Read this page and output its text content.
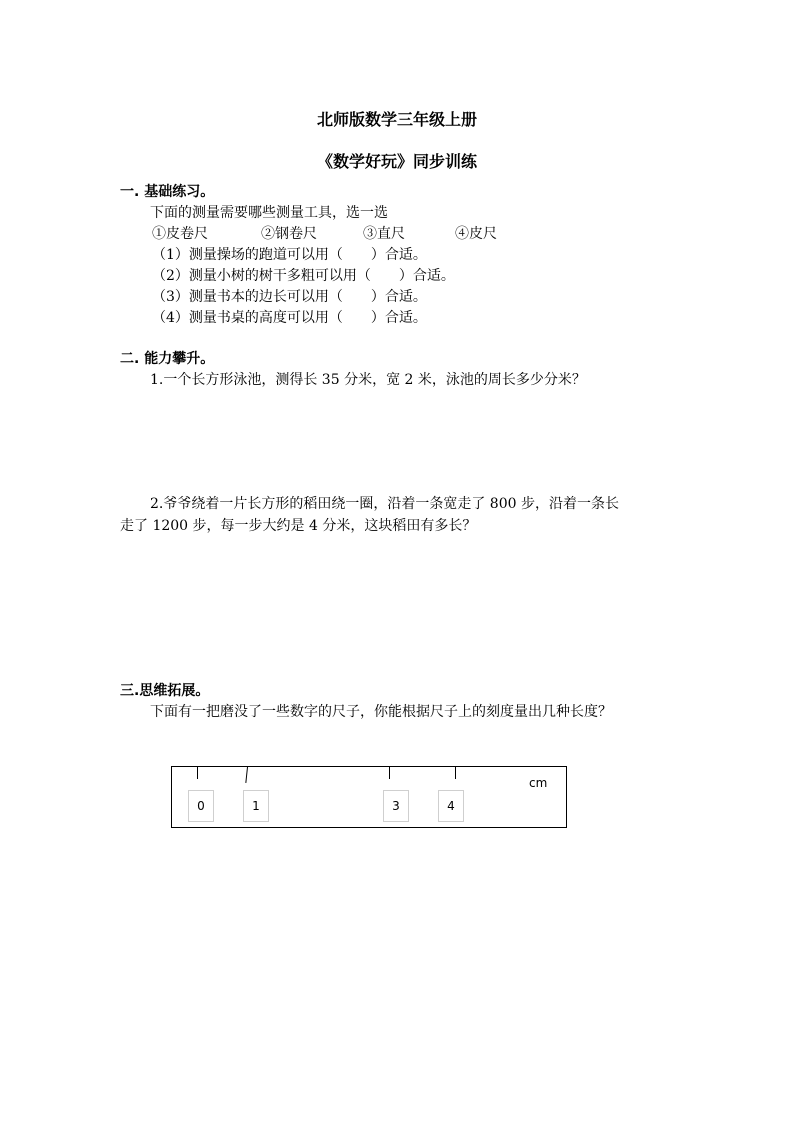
北师版数学三年级上册
《数学好玩》同步训练
一. 基础练习。
下面的测量需要哪些测量工具，选一选
①皮卷尺	②钢卷尺	③直尺	④皮尺
（1）测量操场的跑道可以用（　　）合适。
（2）测量小树的树干多粗可以用（　　）合适。
（3）测量书本的边长可以用（　　）合适。
（4）测量书桌的高度可以用（　　）合适。
二. 能力攀升。
1.一个长方形泳池，测得长 35 分米，宽 2 米，泳池的周长多少分米？
2.爷爷绕着一片长方形的稻田绕一圈，沿着一条宽走了 800 步，沿着一条长
走了 1200 步，每一步大约是 4 分米，这块稻田有多长？
三.思维拓展。
下面有一把磨没了一些数字的尺子，你能根据尺子上的刻度量出几种长度？
0	1	3	4
cm
